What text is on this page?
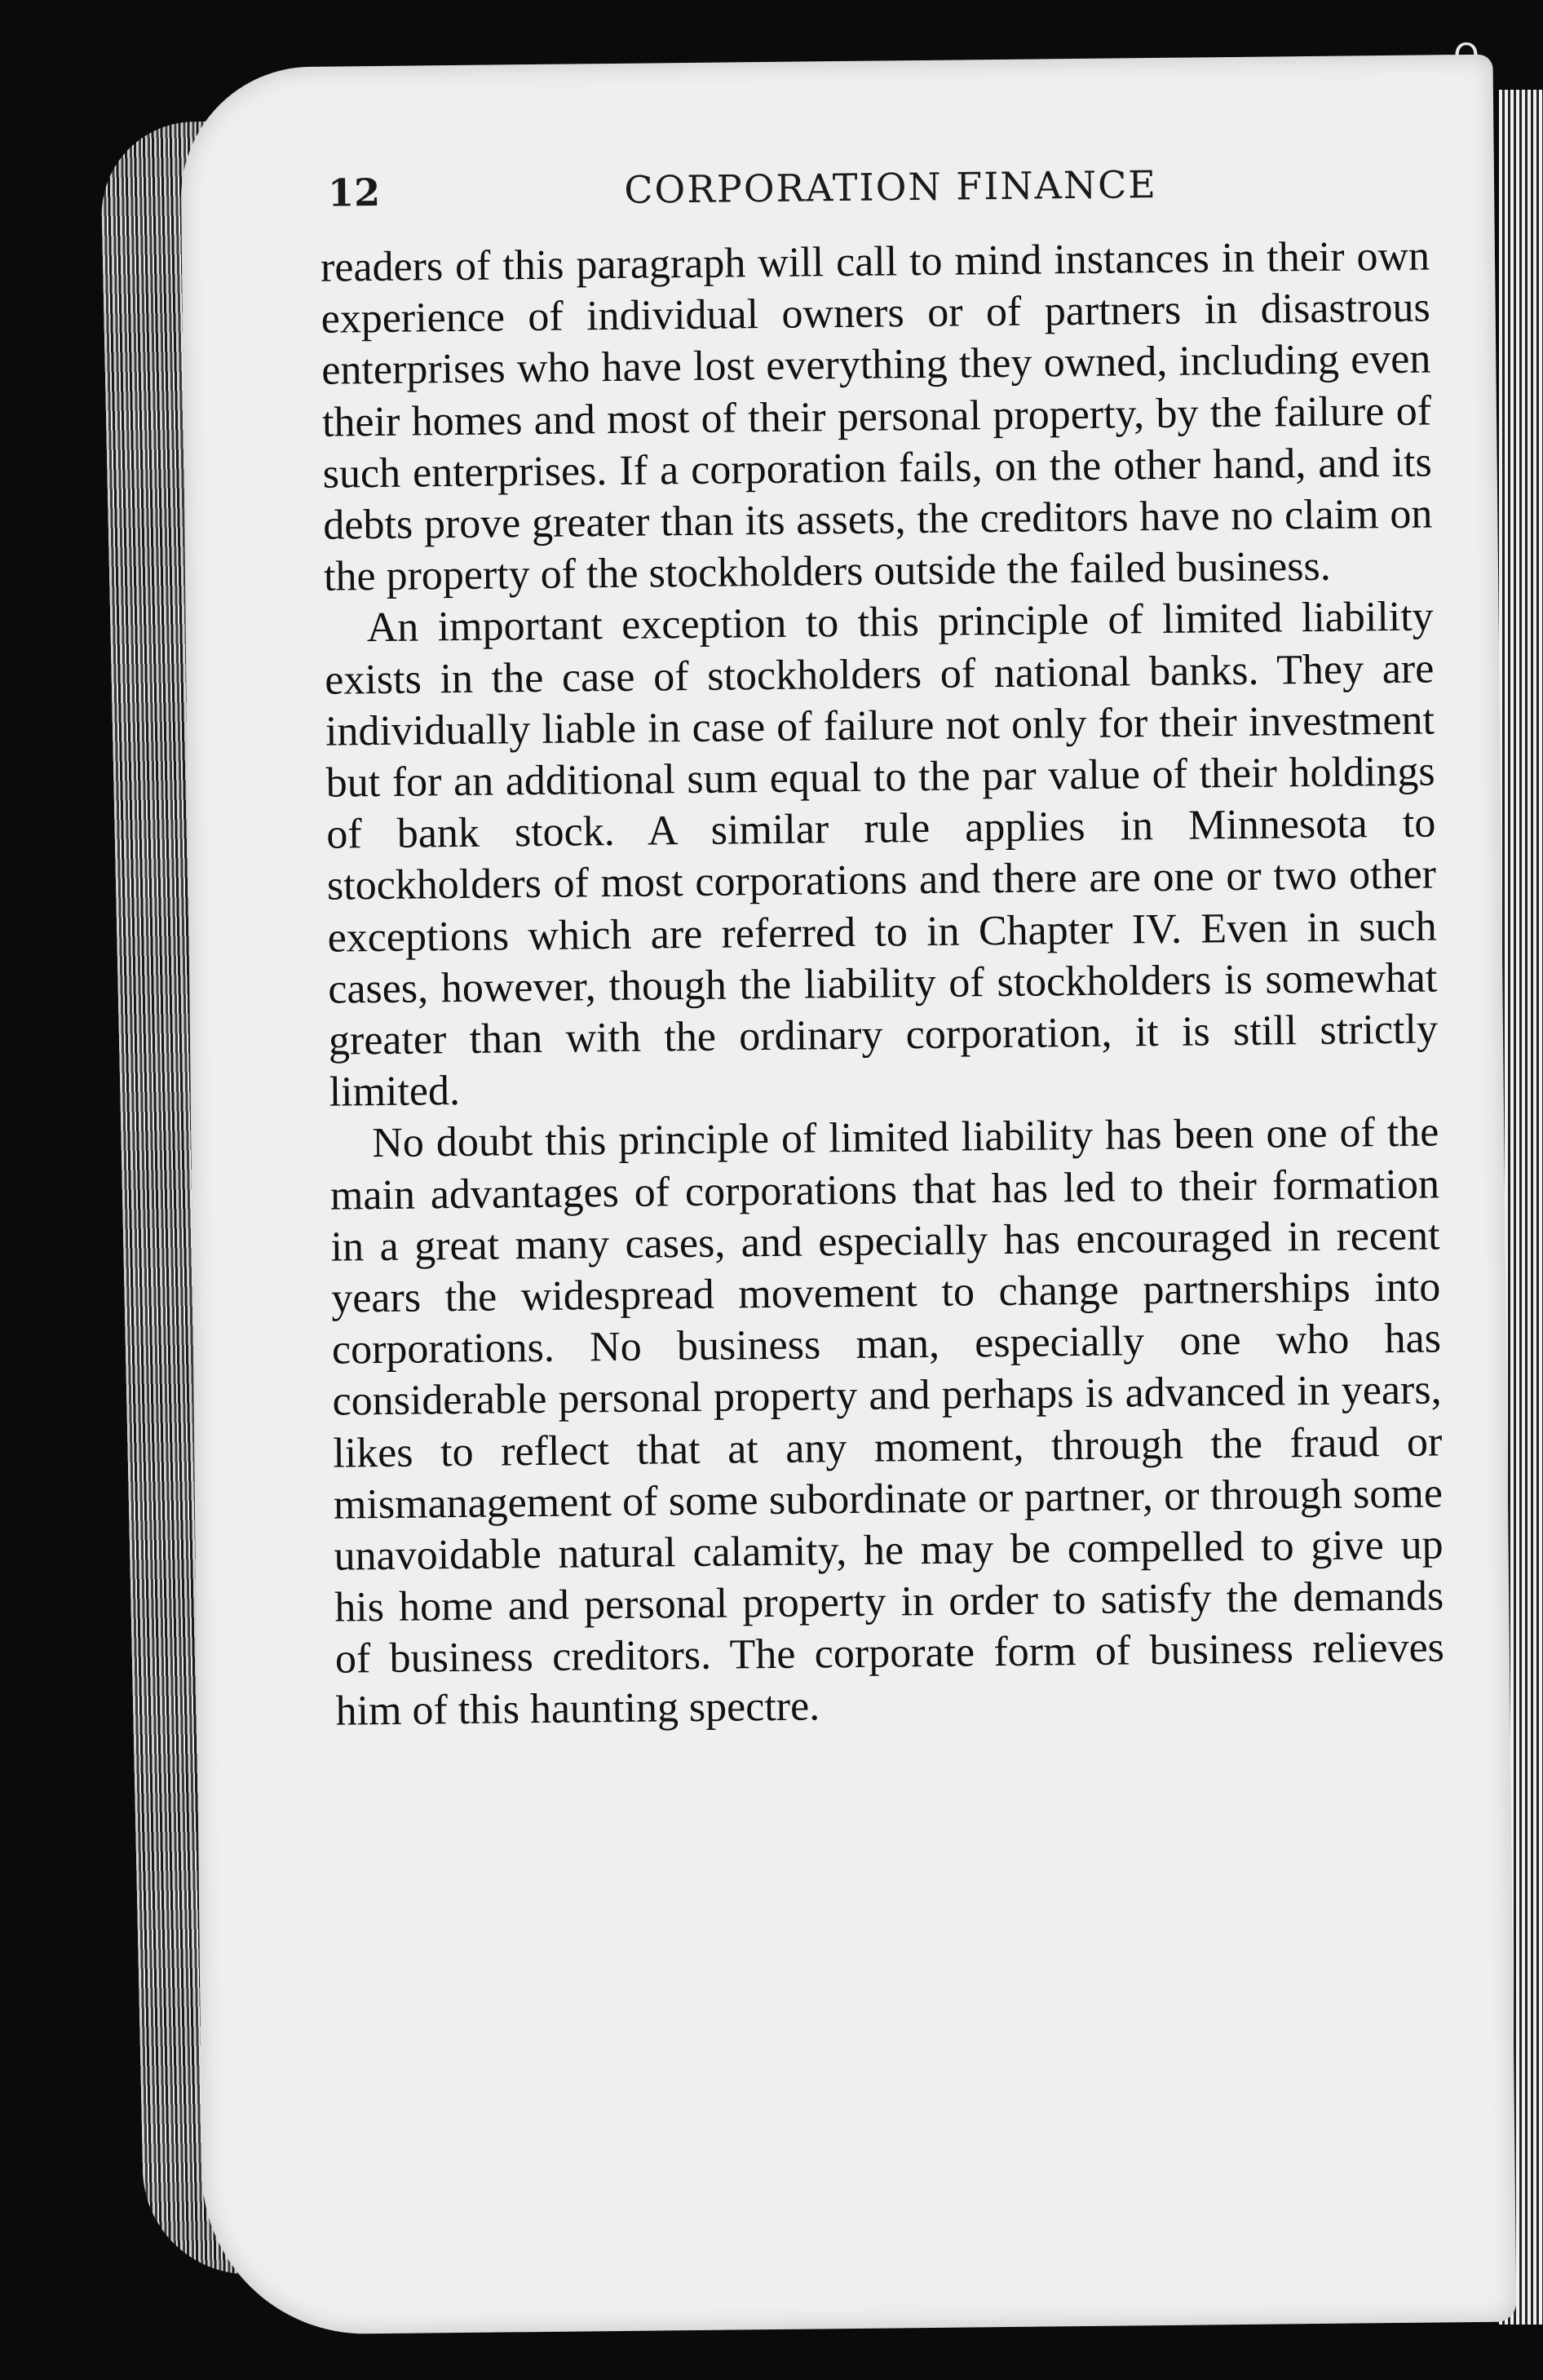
12	CORPORATION FINANCE

readers of this paragraph will call to mind instances in their own experience of individual owners or of partners in disastrous enterprises who have lost everything they owned, including even their homes and most of their personal property, by the failure of such enterprises. If a corporation fails, on the other hand, and its debts prove greater than its assets, the creditors have no claim on the property of the stockholders outside the failed business.

An important exception to this principle of limited liability exists in the case of stockholders of national banks. They are individually liable in case of failure not only for their investment but for an additional sum equal to the par value of their holdings of bank stock. A similar rule applies in Minnesota to stockholders of most corporations and there are one or two other exceptions which are referred to in Chapter IV. Even in such cases, however, though the liability of stockholders is somewhat greater than with the ordinary corporation, it is still strictly limited.

No doubt this principle of limited liability has been one of the main advantages of corporations that has led to their formation in a great many cases, and especially has encouraged in recent years the widespread movement to change partnerships into corporations. No business man, especially one who has considerable personal property and perhaps is advanced in years, likes to reflect that at any moment, through the fraud or mismanagement of some subordinate or partner, or through some unavoidable natural calamity, he may be compelled to give up his home and personal property in order to satisfy the demands of business creditors. The corporate form of business relieves him of this haunting spectre.
